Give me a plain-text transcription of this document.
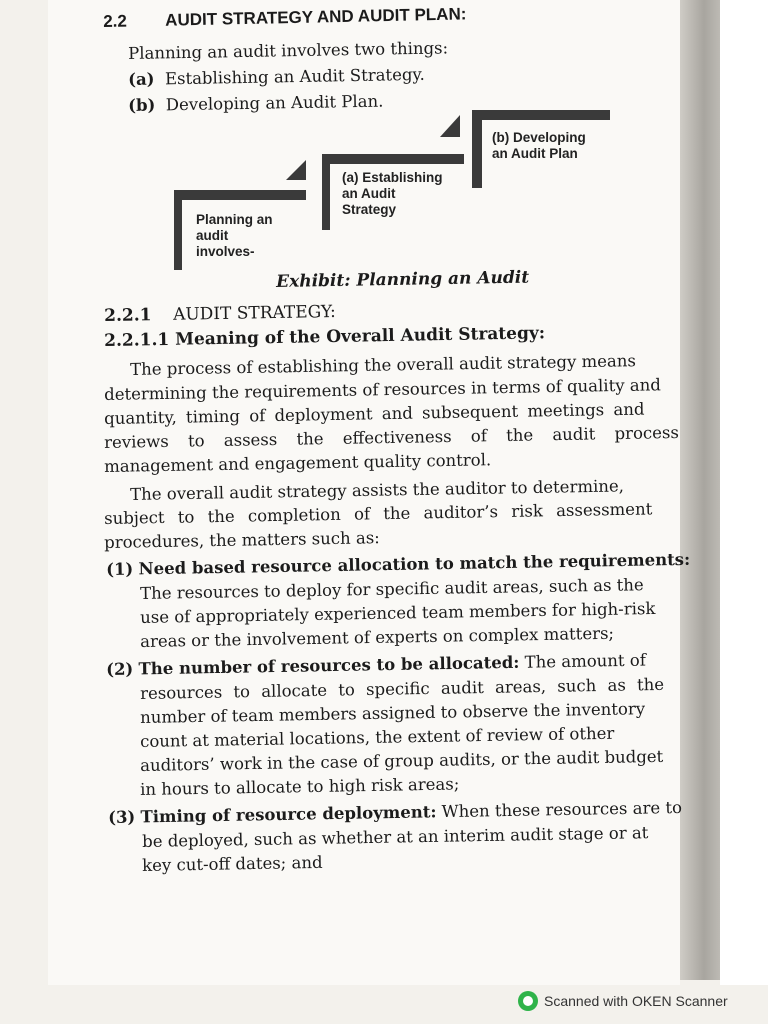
2.2 AUDIT STRATEGY AND AUDIT PLAN:
Planning an audit involves two things:
(a) Establishing an Audit Strategy.
(b) Developing an Audit Plan.
Planning an
audit
involves-
(a) Establishing
an Audit
Strategy
(b) Developing
an Audit Plan
Exhibit: Planning an Audit
2.2.1 AUDIT STRATEGY:
2.2.1.1 Meaning of the Overall Audit Strategy:
The process of establishing the overall audit strategy means
determining the requirements of resources in terms of quality and
quantity, timing of deployment and subsequent meetings and
reviews to assess the effectiveness of the audit process
management and engagement quality control.
The overall audit strategy assists the auditor to determine,
subject to the completion of the auditor’s risk assessment
procedures, the matters such as:
(1) Need based resource allocation to match the requirements:
The resources to deploy for specific audit areas, such as the
use of appropriately experienced team members for high-risk
areas or the involvement of experts on complex matters;
(2) The number of resources to be allocated: The amount of
resources to allocate to specific audit areas, such as the
number of team members assigned to observe the inventory
count at material locations, the extent of review of other
auditors’ work in the case of group audits, or the audit budget
in hours to allocate to high risk areas;
(3) Timing of resource deployment: When these resources are to
be deployed, such as whether at an interim audit stage or at
key cut-off dates; and
Scanned with OKEN Scanner
